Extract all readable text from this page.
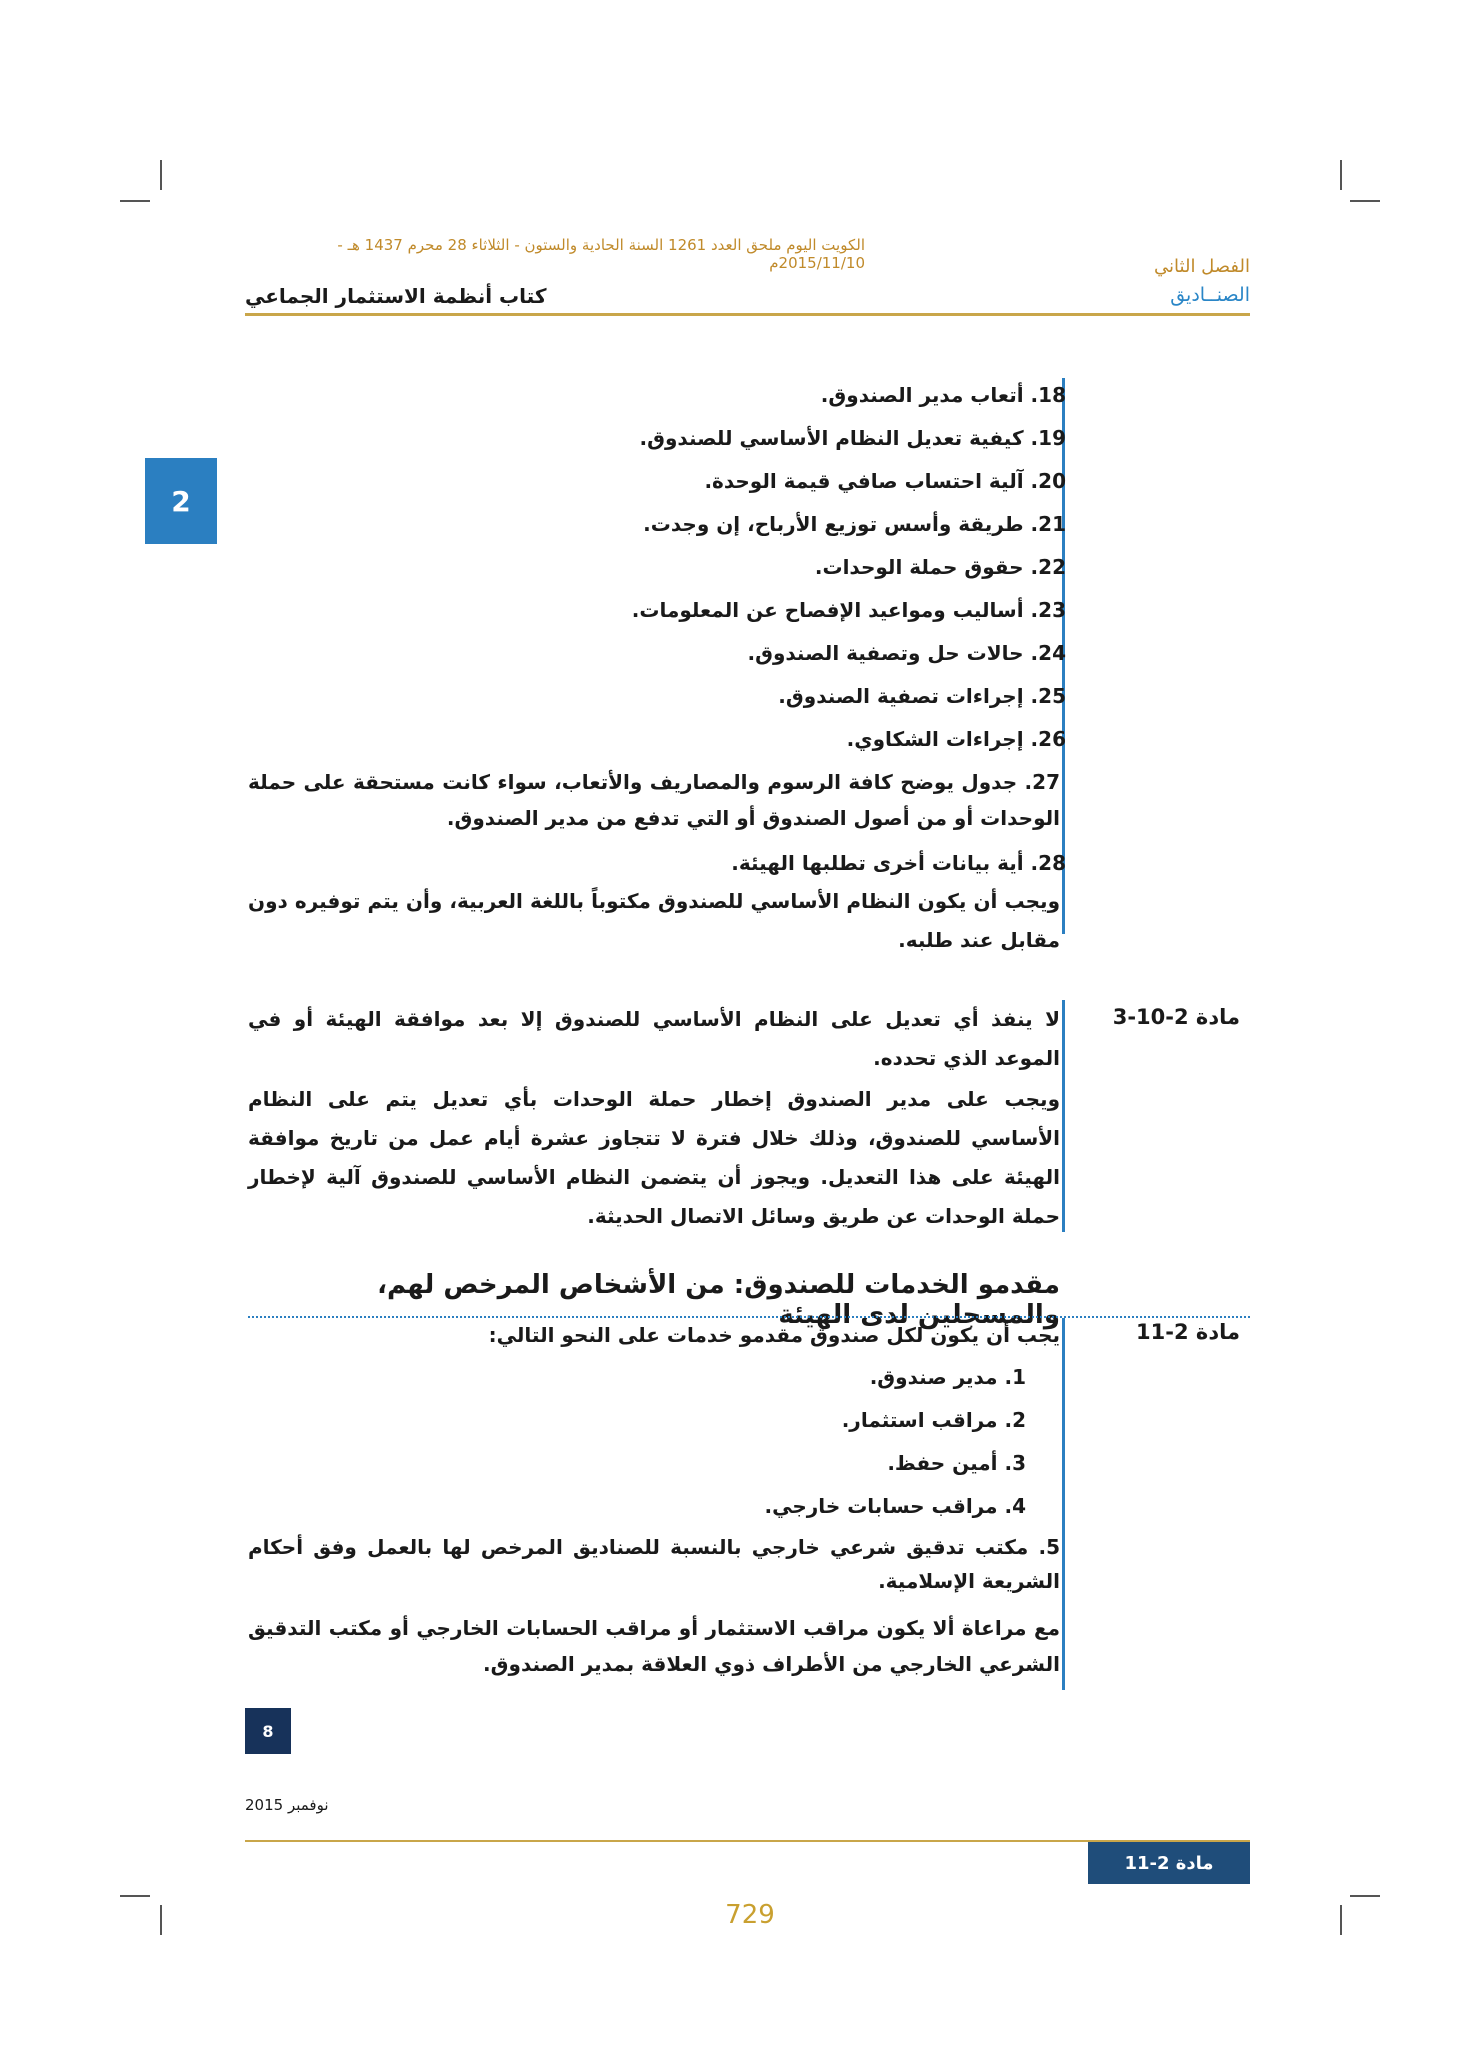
الكويت اليوم ملحق العدد 1261 السنة الحادية والستون - الثلاثاء 28 محرم 1437 هـ - 2015/11/10م	الفصل الثاني
الصنــاديق
كتاب أنظمة الاستثمار الجماعي
2
18. أتعاب مدير الصندوق.
19. كيفية تعديل النظام الأساسي للصندوق.
20. آلية احتساب صافي قيمة الوحدة.
21. طريقة وأسس توزيع الأرباح، إن وجدت.
22. حقوق حملة الوحدات.
23. أساليب ومواعيد الإفصاح عن المعلومات.
24. حالات حل وتصفية الصندوق.
25. إجراءات تصفية الصندوق.
26. إجراءات الشكاوي.
27. جدول يوضح كافة الرسوم والمصاريف والأتعاب، سواء كانت مستحقة على حملة الوحدات أو من أصول الصندوق أو التي تدفع من مدير الصندوق.
28. أية بيانات أخرى تطلبها الهيئة.
ويجب أن يكون النظام الأساسي للصندوق مكتوباً باللغة العربية، وأن يتم توفيره دون مقابل عند طلبه.
مادة 2-10-3
لا ينفذ أي تعديل على النظام الأساسي للصندوق إلا بعد موافقة الهيئة أو في الموعد الذي تحدده.
ويجب على مدير الصندوق إخطار حملة الوحدات بأي تعديل يتم على النظام الأساسي للصندوق، وذلك خلال فترة لا تتجاوز عشرة أيام عمل من تاريخ موافقة الهيئة على هذا التعديل. ويجوز أن يتضمن النظام الأساسي للصندوق آلية لإخطار حملة الوحدات عن طريق وسائل الاتصال الحديثة.
مقدمو الخدمات للصندوق: من الأشخاص المرخص لهم، والمسجلين لدى الهيئة
مادة 2-11
يجب أن يكون لكل صندوق مقدمو خدمات على النحو التالي:
1. مدير صندوق.
2. مراقب استثمار.
3. أمين حفظ.
4. مراقب حسابات خارجي.
5. مكتب تدقيق شرعي خارجي بالنسبة للصناديق المرخص لها بالعمل وفق أحكام الشريعة الإسلامية.
مع مراعاة ألا يكون مراقب الاستثمار أو مراقب الحسابات الخارجي أو مكتب التدقيق الشرعي الخارجي من الأطراف ذوي العلاقة بمدير الصندوق.
8
نوفمبر 2015
مادة 2-11
729
